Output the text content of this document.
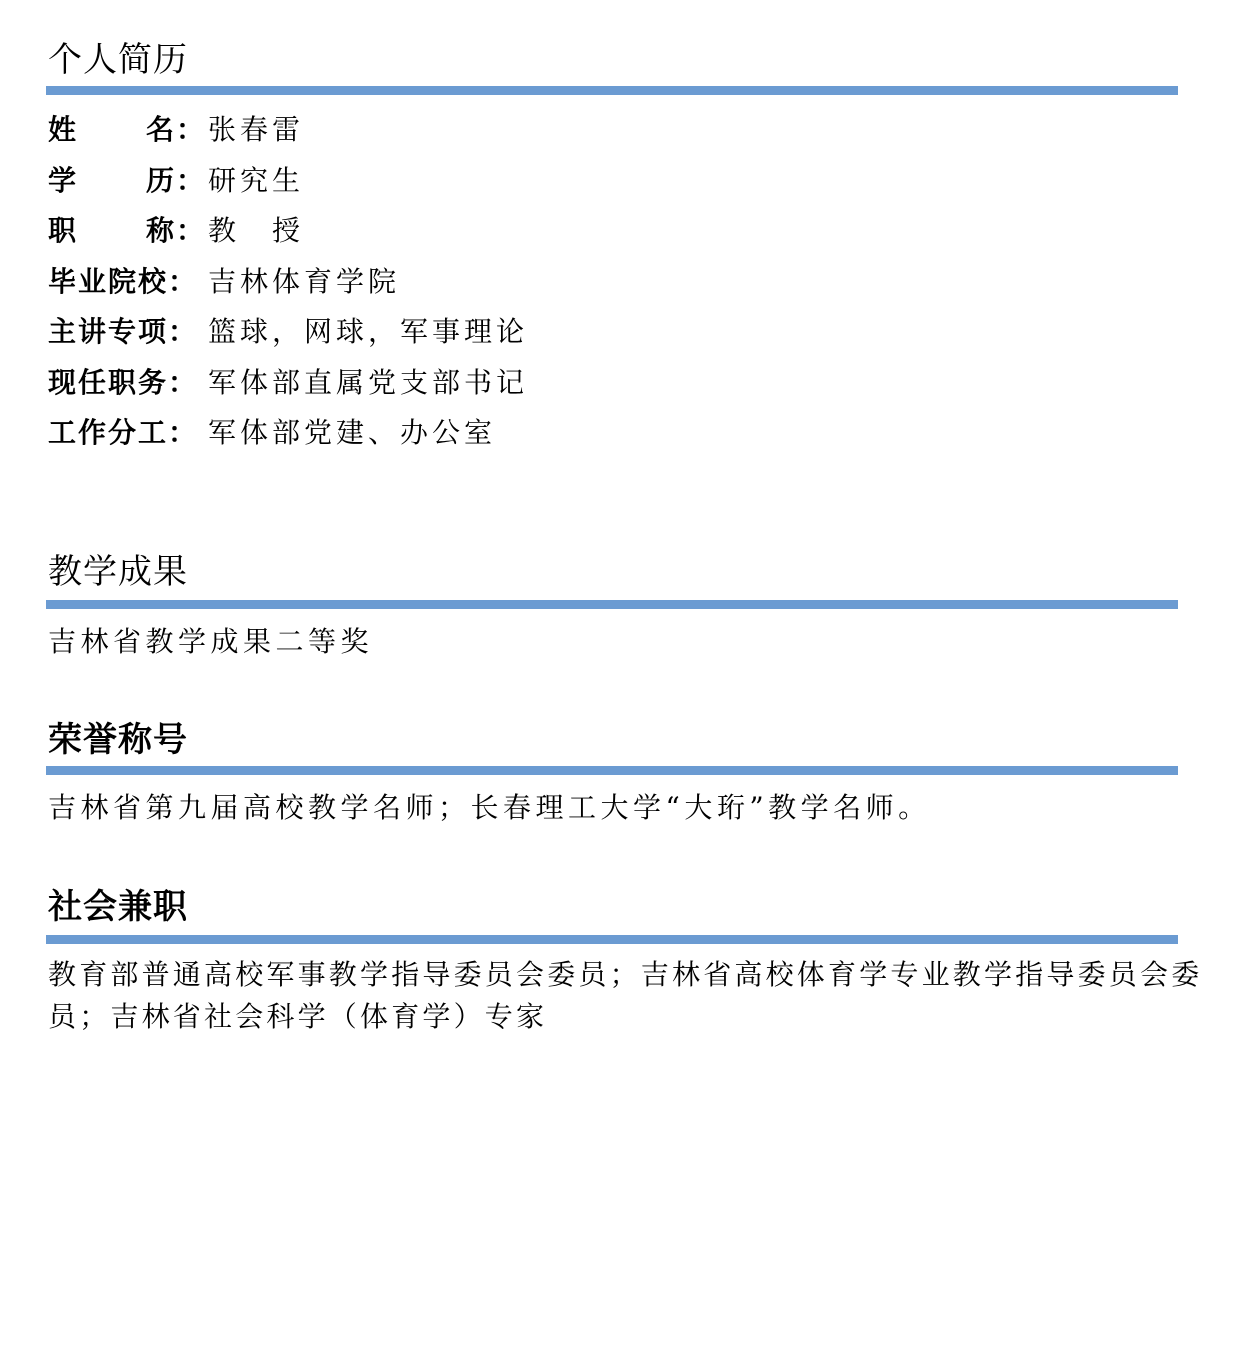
个人简历
姓 名： 张春雷
学 历： 研究生
职 称： 教　授
毕业院校： 吉林体育学院
主讲专项： 篮球，网球，军事理论
现任职务： 军体部直属党支部书记
工作分工： 军体部党建、办公室
教学成果
吉林省教学成果二等奖
荣誉称号
吉林省第九届高校教学名师；长春理工大学“大珩”教学名师。
社会兼职
教育部普通高校军事教学指导委员会委员；吉林省高校体育学专业教学指导委员会委员；吉林省社会科学（体育学）专家
